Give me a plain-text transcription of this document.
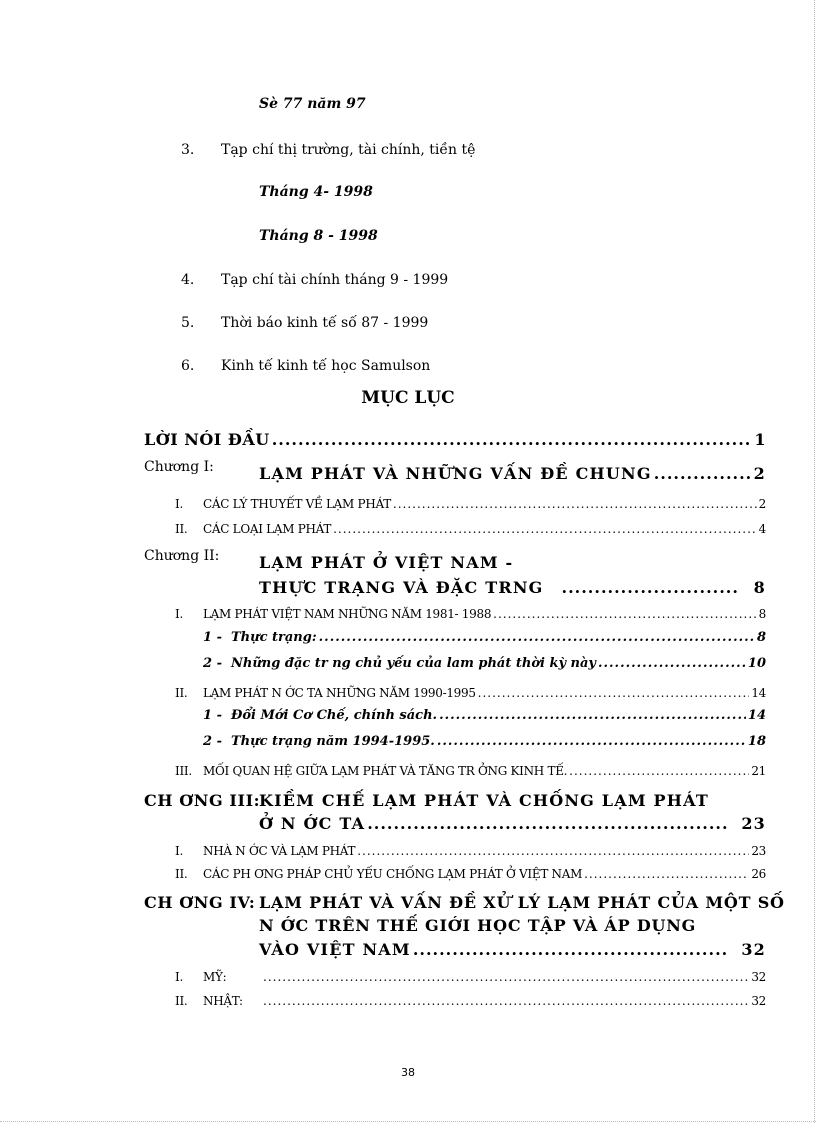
Sè 77 năm 97
3. Tạp chí thị trường, tài chính, tiền tệ
Tháng 4- 1998
Tháng 8 - 1998
4. Tạp chí tài chính tháng 9 - 1999
5. Thời báo kinh tế số 87 - 1999
6. Kinh tế kinh tế học Samulson
MỤC LỤC
LỜI NÓI ĐẦU .....	1
Chương I:	LẠM PHÁT VÀ NHỮNG VẤN ĐỀ CHUNG .....	2
I. CÁC LÝ THUYẾT VỀ LẠM PHÁT .....	2
II. CÁC LOẠI LẠM PHÁT .....	4
Chương II: LẠM PHÁT Ở VIỆT NAM -
THỰC TRẠNG VÀ ĐẶC TRNG .....	8
I. LẠM PHÁT VIỆT NAM NHỮNG NĂM 1981- 1988 .....	8
1 - Thực trạng: .....	8
2 - Những đặc tr ng chủ yếu của lam phát thời kỳ này .....	10
II. LẠM PHÁT N ỚC TA NHỮNG NĂM 1990-1995 .....	14
1 - Đổi Mới Cơ Chế, chính sách. .....	14
2 - Thực trạng năm 1994-1995. .....	18
III. MỐI QUAN HỆ GIỮA LẠM PHÁT VÀ TĂNG TR ỞNG KINH TẾ. .....	21
CH ƠNG III:
KIỀM CHẾ LẠM PHÁT VÀ CHỐNG LẠM PHÁT
Ở N ỚC TA .....	23
I. NHÀ N ỚC VÀ LẠM PHÁT .....	23
II. CÁC PH ƠNG PHÁP CHỦ YẾU CHỐNG LẠM PHÁT Ở VIỆT NAM .....	26
CH ƠNG IV: LẠM PHÁT VÀ VẤN ĐỀ XỬ LÝ LẠM PHÁT CỦA MỘT SỐ
N ỚC TRÊN THẾ GIỚI HỌC TẬP VÀ ÁP DỤNG
VÀO VIỆT NAM .....	32
I. MỸ: .....	32
II. NHẬT: .....	32
38
